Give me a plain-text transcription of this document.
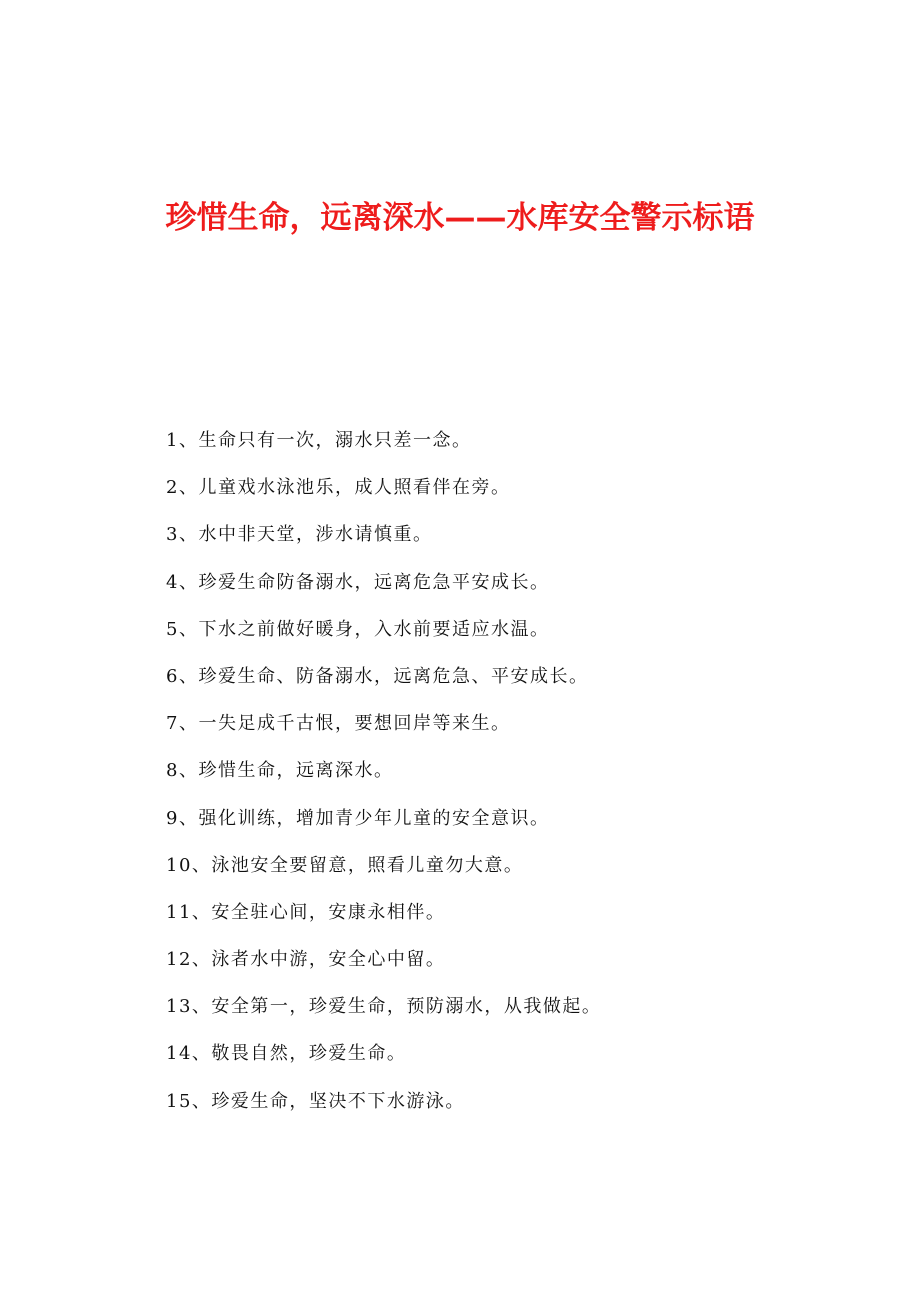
珍惜生命，远离深水——水库安全警示标语
1、生命只有一次，溺水只差一念。
2、儿童戏水泳池乐，成人照看伴在旁。
3、水中非天堂，涉水请慎重。
4、珍爱生命防备溺水，远离危急平安成长。
5、下水之前做好暖身，入水前要适应水温。
6、珍爱生命、防备溺水，远离危急、平安成长。
7、一失足成千古恨，要想回岸等来生。
8、珍惜生命，远离深水。
9、强化训练，增加青少年儿童的安全意识。
10、泳池安全要留意，照看儿童勿大意。
11、安全驻心间，安康永相伴。
12、泳者水中游，安全心中留。
13、安全第一，珍爱生命，预防溺水，从我做起。
14、敬畏自然，珍爱生命。
15、珍爱生命，坚决不下水游泳。
